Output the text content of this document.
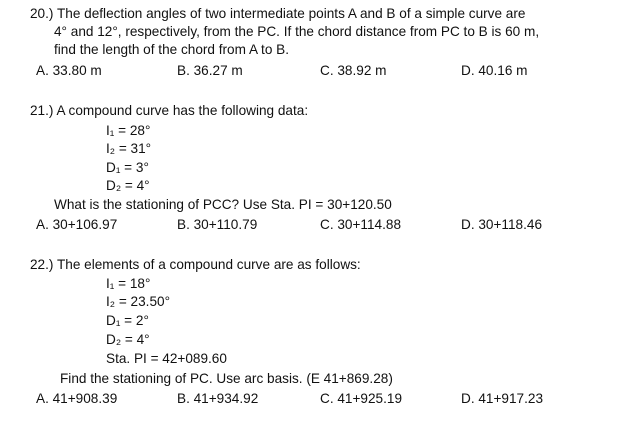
20.) The deflection angles of two intermediate points A and B of a simple curve are
4° and 12°, respectively, from the PC. If the chord distance from PC to B is 60 m,
find the length of the chord from A to B.
A. 33.80 m	B. 36.27 m	C. 38.92 m	D. 40.16 m
21.) A compound curve has the following data:
I₁ = 28°
I₂ = 31°
D₁ = 3°
D₂ = 4°
What is the stationing of PCC? Use Sta. PI = 30+120.50
A. 30+106.97	B. 30+110.79	C. 30+114.88	D. 30+118.46
22.) The elements of a compound curve are as follows:
I₁ = 18°
I₂ = 23.50°
D₁ = 2°
D₂ = 4°
Sta. PI = 42+089.60
Find the stationing of PC. Use arc basis. (E 41+869.28)
A. 41+908.39	B. 41+934.92	C. 41+925.19	D. 41+917.23
